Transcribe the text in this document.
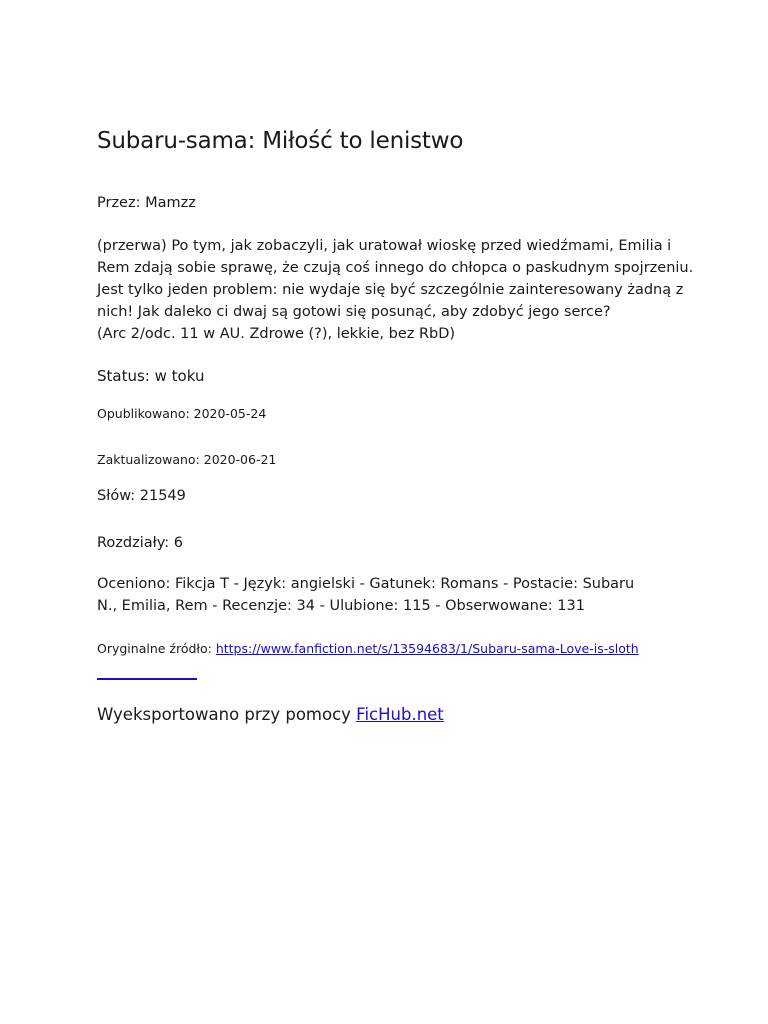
Subaru-sama: Miłość to lenistwo

Przez: Mamzz

(przerwa) Po tym, jak zobaczyli, jak uratował wioskę przed wiedźmami, Emilia i
Rem zdają sobie sprawę, że czują coś innego do chłopca o paskudnym spojrzeniu.
Jest tylko jeden problem: nie wydaje się być szczególnie zainteresowany żadną z
nich! Jak daleko ci dwaj są gotowi się posunąć, aby zdobyć jego serce?
(Arc 2/odc. 11 w AU. Zdrowe (?), lekkie, bez RbD)

Status: w toku

Opublikowano: 2020-05-24

Zaktualizowano: 2020-06-21

Słów: 21549

Rozdziały: 6

Oceniono: Fikcja T - Język: angielski - Gatunek: Romans - Postacie: Subaru
N., Emilia, Rem - Recenzje: 34 - Ulubione: 115 - Obserwowane: 131

Oryginalne źródło: https://www.fanfiction.net/s/13594683/1/Subaru-sama-Love-is-sloth

Wyeksportowano przy pomocy FicHub.net
